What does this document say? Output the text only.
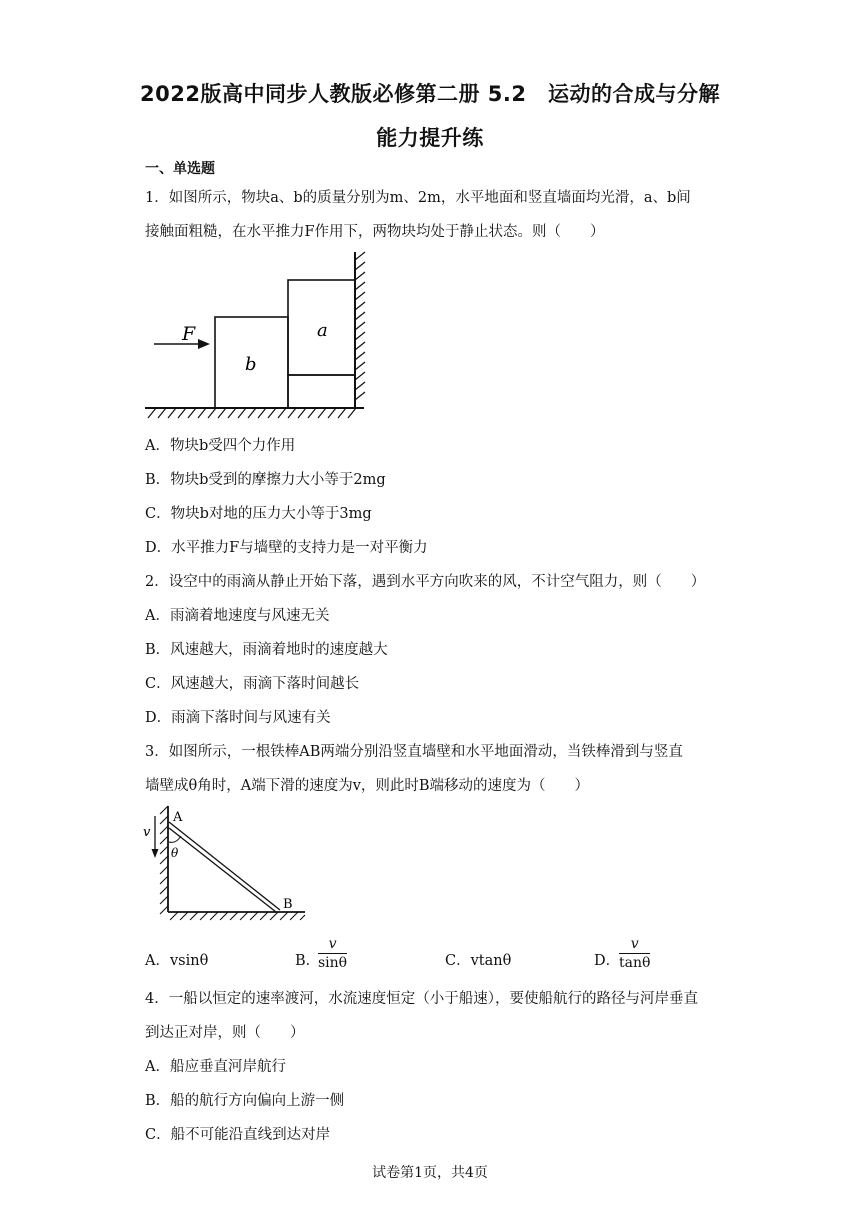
2022版高中同步人教版必修第二册 5.2　运动的合成与分解
能力提升练
一、单选题
1．如图所示，物块a、b的质量分别为m、2m，水平地面和竖直墙面均光滑，a、b间
接触面粗糙，在水平推力F作用下，两物块均处于静止状态。则（　　）
F	a
b
A．物块b受四个力作用
B．物块b受到的摩擦力大小等于2mg
C．物块b对地的压力大小等于3mg
D．水平推力F与墙壁的支持力是一对平衡力
2．设空中的雨滴从静止开始下落，遇到水平方向吹来的风，不计空气阻力，则（　　）
A．雨滴着地速度与风速无关
B．风速越大，雨滴着地时的速度越大
C．风速越大，雨滴下落时间越长
D．雨滴下落时间与风速有关
3．如图所示，一根铁棒AB两端分别沿竖直墙壁和水平地面滑动，当铁棒滑到与竖直
墙壁成θ角时，A端下滑的速度为v，则此时B端移动的速度为（　　）
v
A
θ
B
A．vsinθ	B．
$\frac{v}{\sin\theta}$	C．vtanθ	D．
$\frac{v}{\tan\theta}$
4．一船以恒定的速率渡河，水流速度恒定（小于船速），要使船航行的路径与河岸垂直
到达正对岸，则（　　）
A．船应垂直河岸航行
B．船的航行方向偏向上游一侧
C．船不可能沿直线到达对岸
试卷第1页，共4页
